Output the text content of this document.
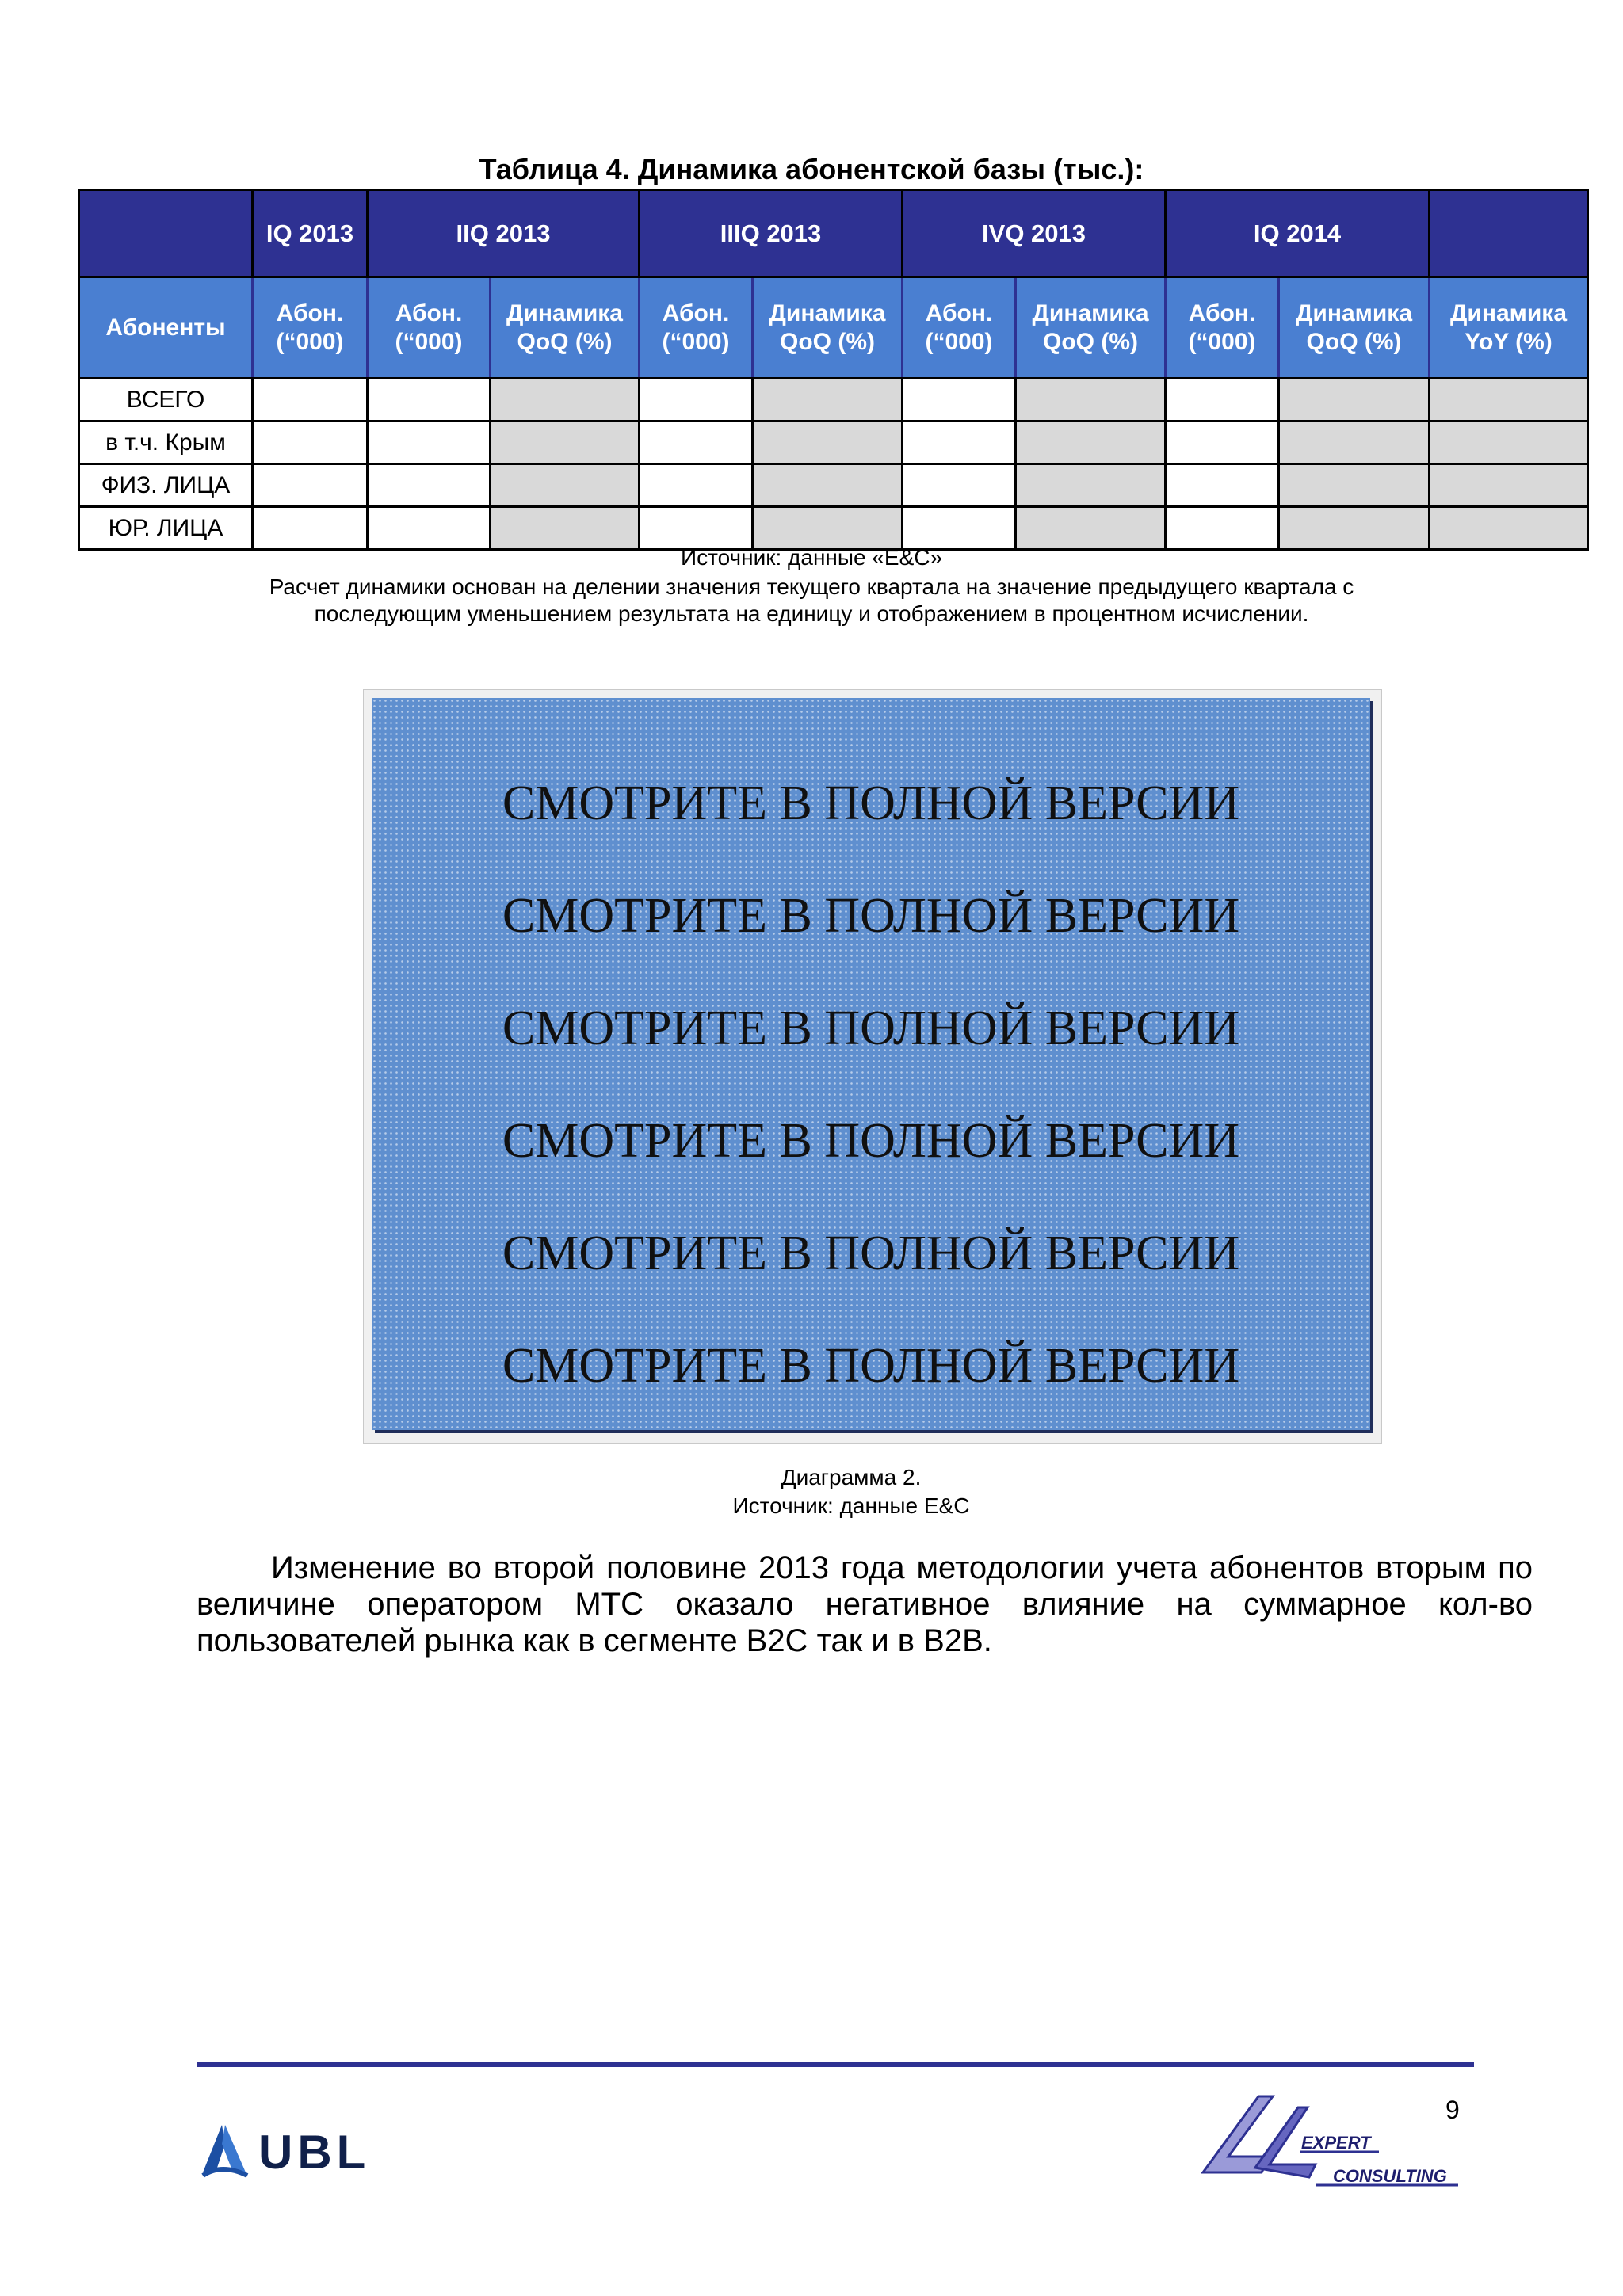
Таблица 4. Динамика абонентской базы (тыс.):
	IQ 2013	IIQ 2013		IIIQ 2013		IVQ 2013		IQ 2014		
Абоненты	Абон. (“000)	Абон. (“000)	Динамика QoQ (%)	Абон. (“000)	Динамика QoQ (%)	Абон. (“000)	Динамика QoQ (%)	Абон. (“000)	Динамика QoQ (%)	Динамика YoY (%)
ВСЕГО										
в т.ч. Крым										
ФИЗ. ЛИЦА										
ЮР. ЛИЦА										
Источник: данные «E&C»
Расчет динамики основан на делении значения текущего квартала на значение предыдущего квартала с
последующим уменьшением результата на единицу и отображением в процентном исчислении.
СМОТРИТЕ В ПОЛНОЙ ВЕРСИИ
СМОТРИТЕ В ПОЛНОЙ ВЕРСИИ
СМОТРИТЕ В ПОЛНОЙ ВЕРСИИ
СМОТРИТЕ В ПОЛНОЙ ВЕРСИИ
СМОТРИТЕ В ПОЛНОЙ ВЕРСИИ
СМОТРИТЕ В ПОЛНОЙ ВЕРСИИ
Диаграмма 2.
Источник: данные E&C
Изменение во второй половине 2013 года методологии учета абонентов вторым по величине оператором МТС оказало негативное влияние на суммарное кол-во пользователей рынка как в сегменте B2C так и в B2B.
9
UBL	EXPERT
CONSULTING
